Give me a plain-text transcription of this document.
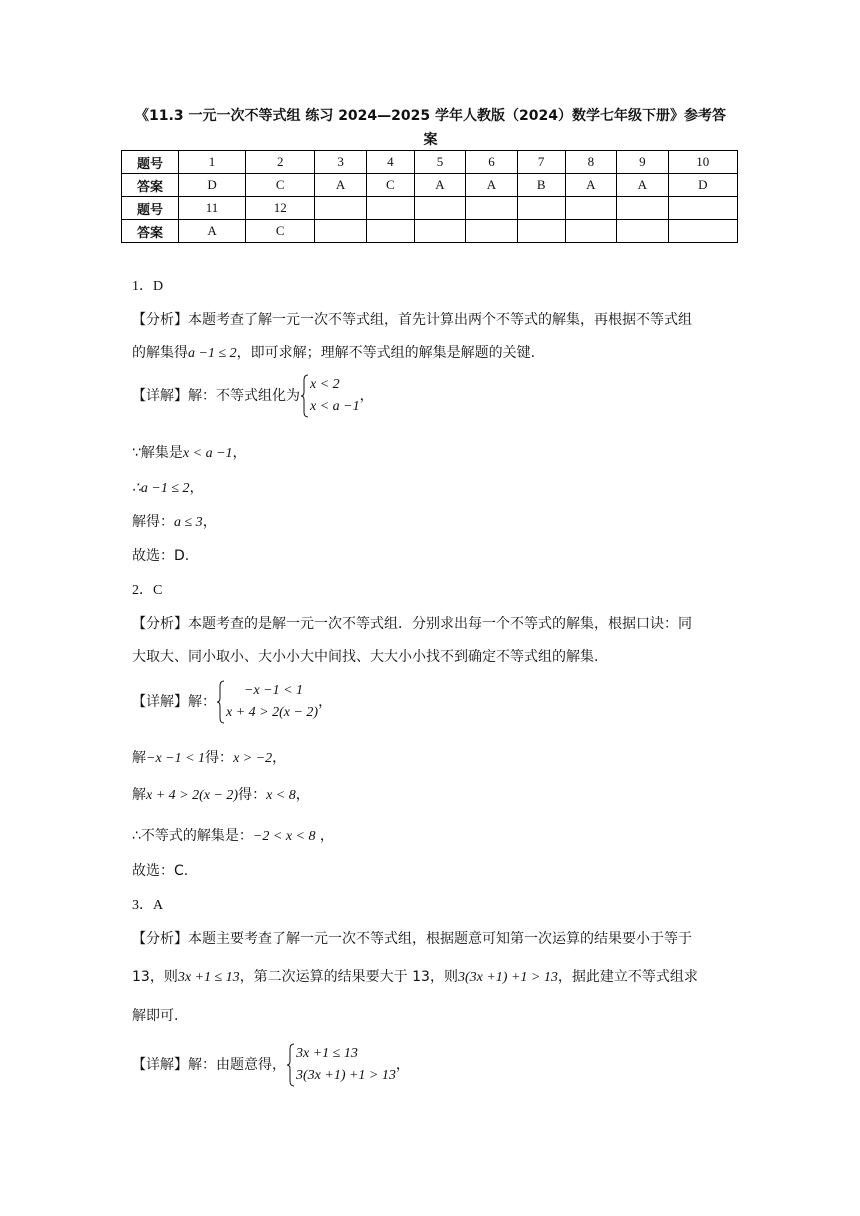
《11.3 一元一次不等式组 练习 2024—2025 学年人教版（2024）数学七年级下册》参考答
案
题号	1	2	3	4	5	6	7	8	9	10
答案	D	C	A	C	A	A	B	A	A	D
题号	11	12								
答案	A	C								
1．D
【分析】本题考查了解一元一次不等式组，首先计算出两个不等式的解集，再根据不等式组
的解集得a −1 ≤ 2，即可求解；理解不等式组的解集是解题的关键.
【详解】解：不等式组化为
x < 2
x < a −1
，
∵解集是x < a −1，
∴a −1 ≤ 2，
解得：a ≤ 3，
故选：D.
2．C
【分析】本题考查的是解一元一次不等式组．分别求出每一个不等式的解集，根据口诀：同
大取大、同小取小、大小小大中间找、大大小小找不到确定不等式组的解集.
【详解】解：
−x −1 < 1
x + 4 > 2(x − 2)
，
解−x −1 < 1得：x > −2，
解x + 4 > 2(x − 2)得：x < 8，
∴不等式的解集是：−2 < x < 8 ，
故选：C.
3．A
【分析】本题主要考查了解一元一次不等式组，根据题意可知第一次运算的结果要小于等于
13，则3x +1 ≤ 13，第二次运算的结果要大于 13，则3(3x +1) +1 > 13，据此建立不等式组求
解即可.
【详解】解：由题意得，
3x +1 ≤ 13
3(3x +1) +1 > 13
，
